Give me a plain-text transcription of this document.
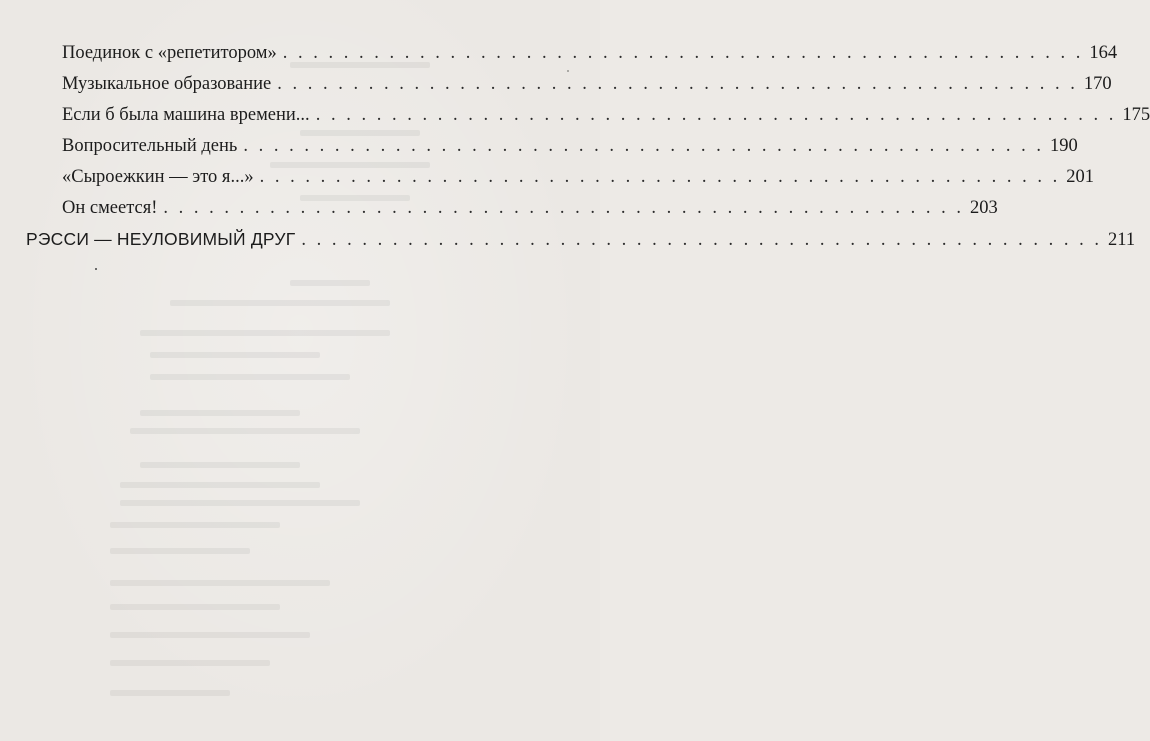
Поединок с «репетитором» . . . . . . . . . . . . . . . . . . . . . . . . . . . . . . . . . . . . . . . . . . . . . . . . . . . . . 164
Музыкальное образование . . . . . . . . . . . . . . . . . . . . . . . . . . . . . . . . . . . . . . . . . . . . . . . . . . . . . 170
Если б была машина времени... . . . . . . . . . . . . . . . . . . . . . . . . . . . . . . . . . . . . . . . . . . . . . . . . . . . . . 175
Вопросительный день . . . . . . . . . . . . . . . . . . . . . . . . . . . . . . . . . . . . . . . . . . . . . . . . . . . . . 190
«Сыроежкин — это я...» . . . . . . . . . . . . . . . . . . . . . . . . . . . . . . . . . . . . . . . . . . . . . . . . . . . . . 201
Он смеется! . . . . . . . . . . . . . . . . . . . . . . . . . . . . . . . . . . . . . . . . . . . . . . . . . . . . . 203
РЭССИ — НЕУЛОВИМЫЙ ДРУГ . . . . . . . . . . . . . . . . . . . . . . . . . . . . . . . . . . . . . . . . . . . . . . . . . . . . . 211
